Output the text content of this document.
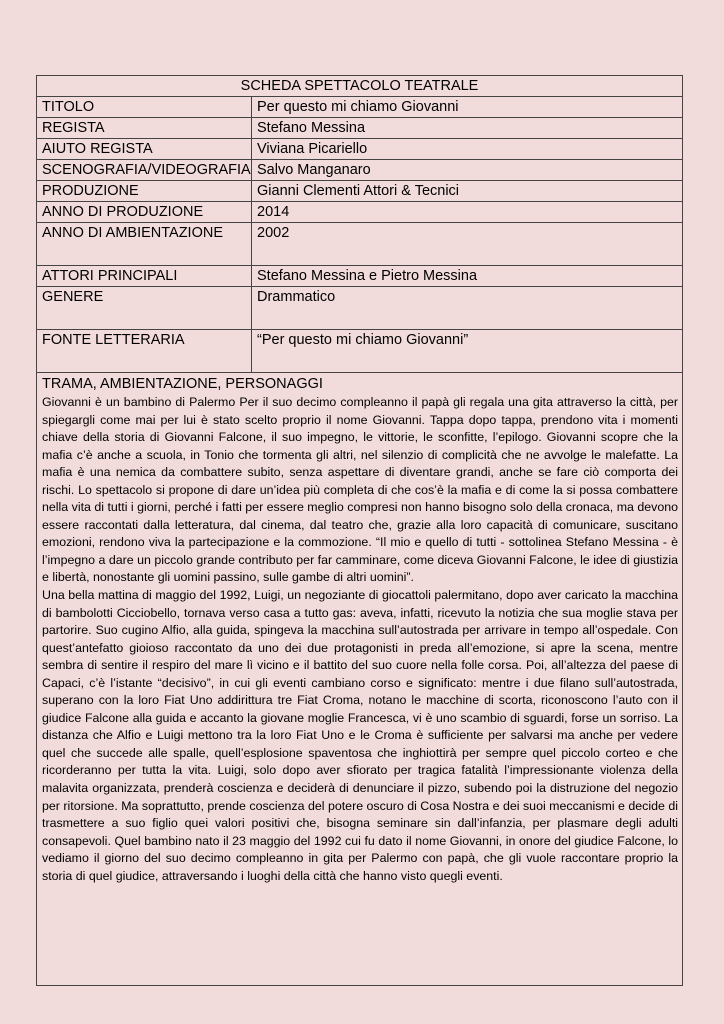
SCHEDA SPETTACOLO TEATRALE	
TITOLO	Per questo mi chiamo Giovanni
REGISTA	Stefano Messina
AIUTO REGISTA	Viviana Picariello
SCENOGRAFIA/VIDEOGRAFIA	Salvo Manganaro
PRODUZIONE	Gianni Clementi Attori & Tecnici
ANNO DI PRODUZIONE	2014
ANNO DI AMBIENTAZIONE	2002
ATTORI PRINCIPALI	Stefano Messina e Pietro Messina
GENERE	Drammatico
FONTE LETTERARIA	“Per questo mi chiamo Giovanni”

TRAMA, AMBIENTAZIONE, PERSONAGGI

Giovanni è un bambino di Palermo Per il suo decimo compleanno il papà gli regala una gita attraverso la città, per spiegargli come mai per lui è stato scelto proprio il nome Giovanni. Tappa dopo tappa, prendono vita i momenti chiave della storia di Giovanni Falcone, il suo impegno, le vittorie, le sconfitte, l’epilogo. Giovanni scopre che la mafia c’è anche a scuola, in Tonio che tormenta gli altri, nel silenzio di complicità che ne avvolge le malefatte. La mafia è una nemica da combattere subito, senza aspettare di diventare grandi, anche se fare ciò comporta dei rischi. Lo spettacolo si propone di dare un’idea più completa di che cos’è la mafia e di come la si possa combattere nella vita di tutti i giorni, perché i fatti per essere meglio compresi non hanno bisogno solo della cronaca, ma devono essere raccontati dalla letteratura, dal cinema, dal teatro che, grazie alla loro capacità di comunicare, suscitano emozioni, rendono viva la partecipazione e la commozione. “Il mio e quello di tutti - sottolinea Stefano Messina - è l’impegno a dare un piccolo grande contributo per far camminare, come diceva Giovanni Falcone, le idee di giustizia e libertà, nonostante gli uomini passino, sulle gambe di altri uomini”.

Una bella mattina di maggio del 1992, Luigi, un negoziante di giocattoli palermitano, dopo aver caricato la macchina di bambolotti Cicciobello, tornava verso casa a tutto gas: aveva, infatti, ricevuto la notizia che sua moglie stava per partorire. Suo cugino Alfio, alla guida, spingeva la macchina sull’autostrada per arrivare in tempo all’ospedale. Con quest’antefatto gioioso raccontato da uno dei due protagonisti in preda all’emozione, si apre la scena, mentre sembra di sentire il respiro del mare lì vicino e il battito del suo cuore nella folle corsa. Poi, all’altezza del paese di Capaci, c’è l’istante “decisivo”, in cui gli eventi cambiano corso e significato: mentre i due filano sull’autostrada, superano con la loro Fiat Uno addirittura tre Fiat Croma, notano le macchine di scorta, riconoscono l’auto con il giudice Falcone alla guida e accanto la giovane moglie Francesca, vi è uno scambio di sguardi, forse un sorriso. La distanza che Alfio e Luigi mettono tra la loro Fiat Uno e le Croma è sufficiente per salvarsi ma anche per vedere quel che succede alle spalle, quell’esplosione spaventosa che inghiottirà per sempre quel piccolo corteo e che ricorderanno per tutta la vita. Luigi, solo dopo aver sfiorato per tragica fatalità l’impressionante violenza della malavita organizzata, prenderà coscienza e deciderà di denunciare il pizzo, subendo poi la distruzione del negozio per ritorsione. Ma soprattutto, prende coscienza del potere oscuro di Cosa Nostra e dei suoi meccanismi e decide di trasmettere a suo figlio quei valori positivi che, bisogna seminare sin dall’infanzia, per plasmare degli adulti consapevoli. Quel bambino nato il 23 maggio del 1992 cui fu dato il nome Giovanni, in onore del giudice Falcone, lo vediamo il giorno del suo decimo compleanno in gita per Palermo con papà, che gli vuole raccontare proprio la storia di quel giudice, attraversando i luoghi della città che hanno visto quegli eventi.	
